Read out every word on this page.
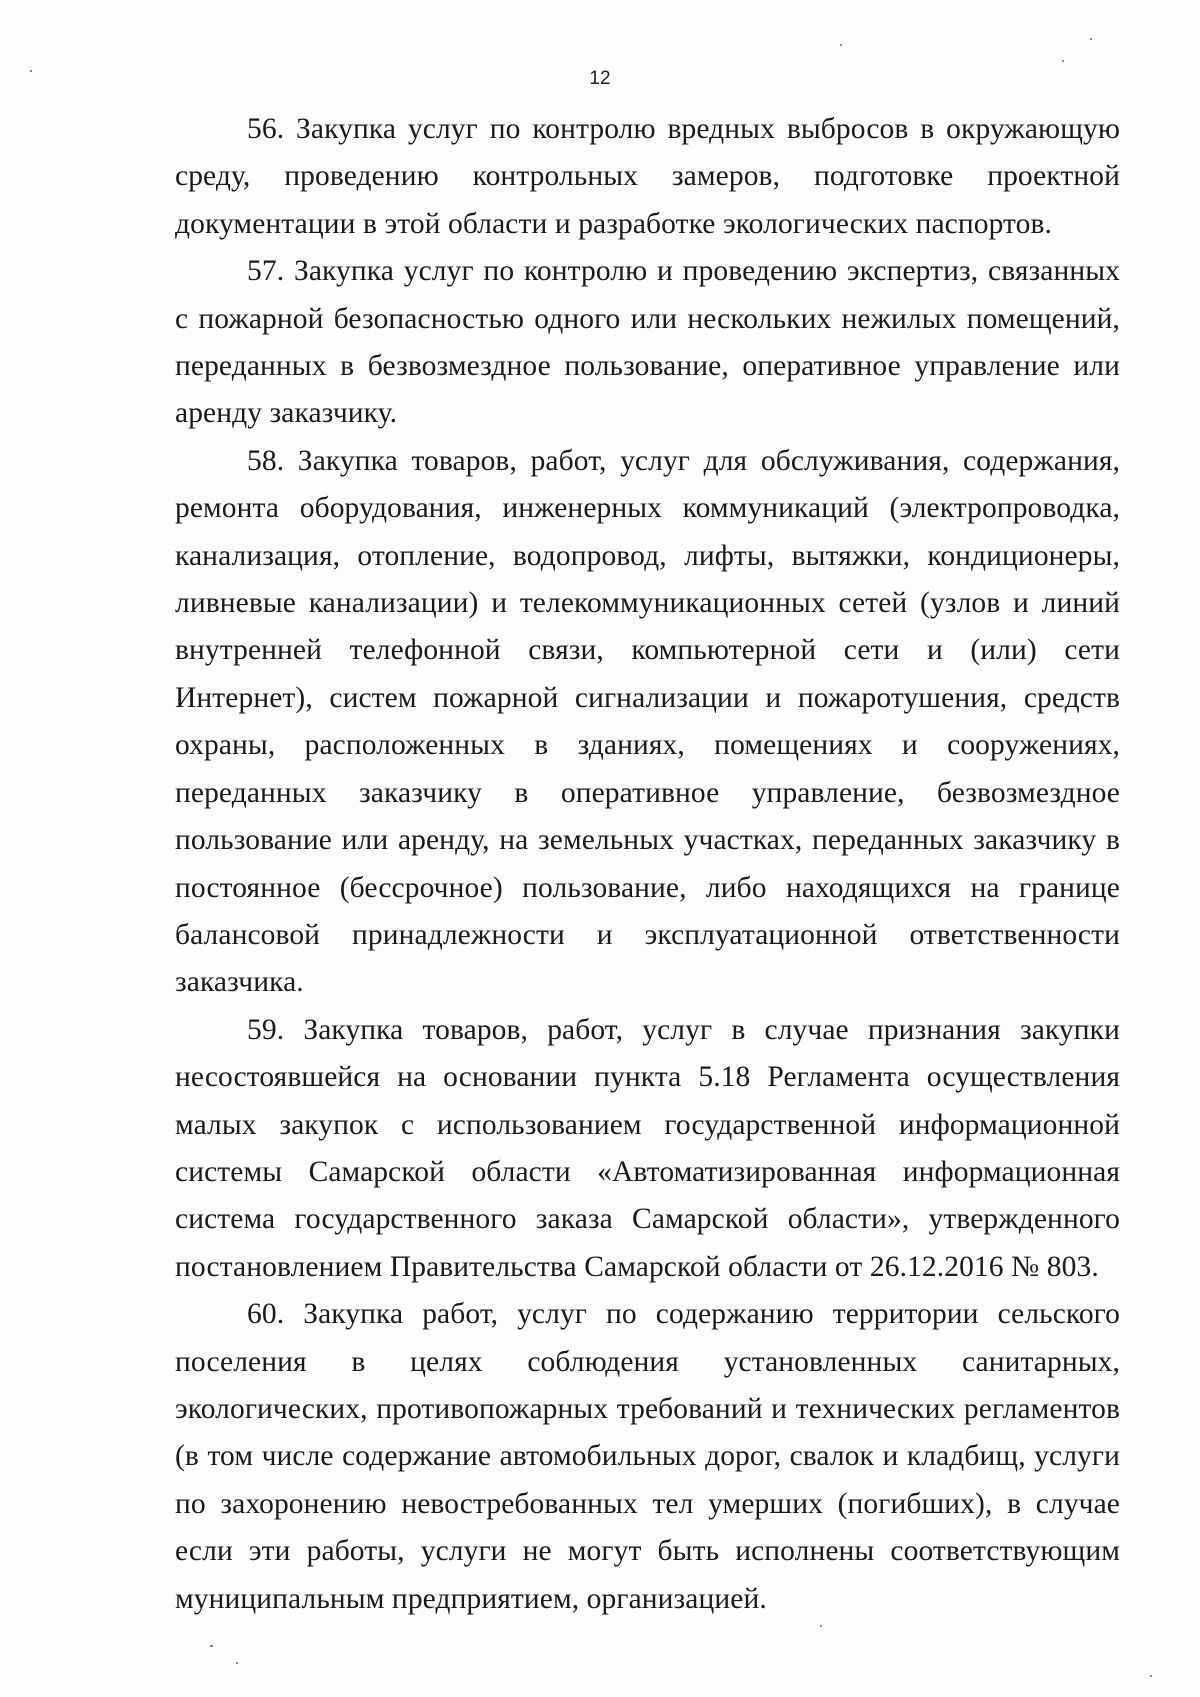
12

56. Закупка услуг по контролю вредных выбросов в окружающую среду, проведению контрольных замеров, подготовке проектной документации в этой области и разработке экологических паспортов.

57. Закупка услуг по контролю и проведению экспертиз, связанных с пожарной безопасностью одного или нескольких нежилых помещений, переданных в безвозмездное пользование, оперативное управление или аренду заказчику.

58. Закупка товаров, работ, услуг для обслуживания, содержания, ремонта оборудования, инженерных коммуникаций (электропроводка, канализация, отопление, водопровод, лифты, вытяжки, кондиционеры, ливневые канализации) и телекоммуникационных сетей (узлов и линий внутренней телефонной связи, компьютерной сети и (или) сети Интернет), систем пожарной сигнализации и пожаротушения, средств охраны, расположенных в зданиях, помещениях и сооружениях, переданных заказчику в оперативное управление, безвозмездное пользование или аренду, на земельных участках, переданных заказчику в постоянное (бессрочное) пользование, либо находящихся на границе балансовой принадлежности и эксплуатационной ответственности заказчика.

59. Закупка товаров, работ, услуг в случае признания закупки несостоявшейся на основании пункта 5.18 Регламента осуществления малых закупок с использованием государственной информационной системы Самарской области «Автоматизированная информационная система государственного заказа Самарской области», утвержденного постановлением Правительства Самарской области от 26.12.2016 № 803.

60. Закупка работ, услуг по содержанию территории сельского поселения в целях соблюдения установленных санитарных, экологических, противопожарных требований и технических регламентов (в том числе содержание автомобильных дорог, свалок и кладбищ, услуги по захоронению невостребованных тел умерших (погибших), в случае если эти работы, услуги не могут быть исполнены соответствующим муниципальным предприятием, организацией.
